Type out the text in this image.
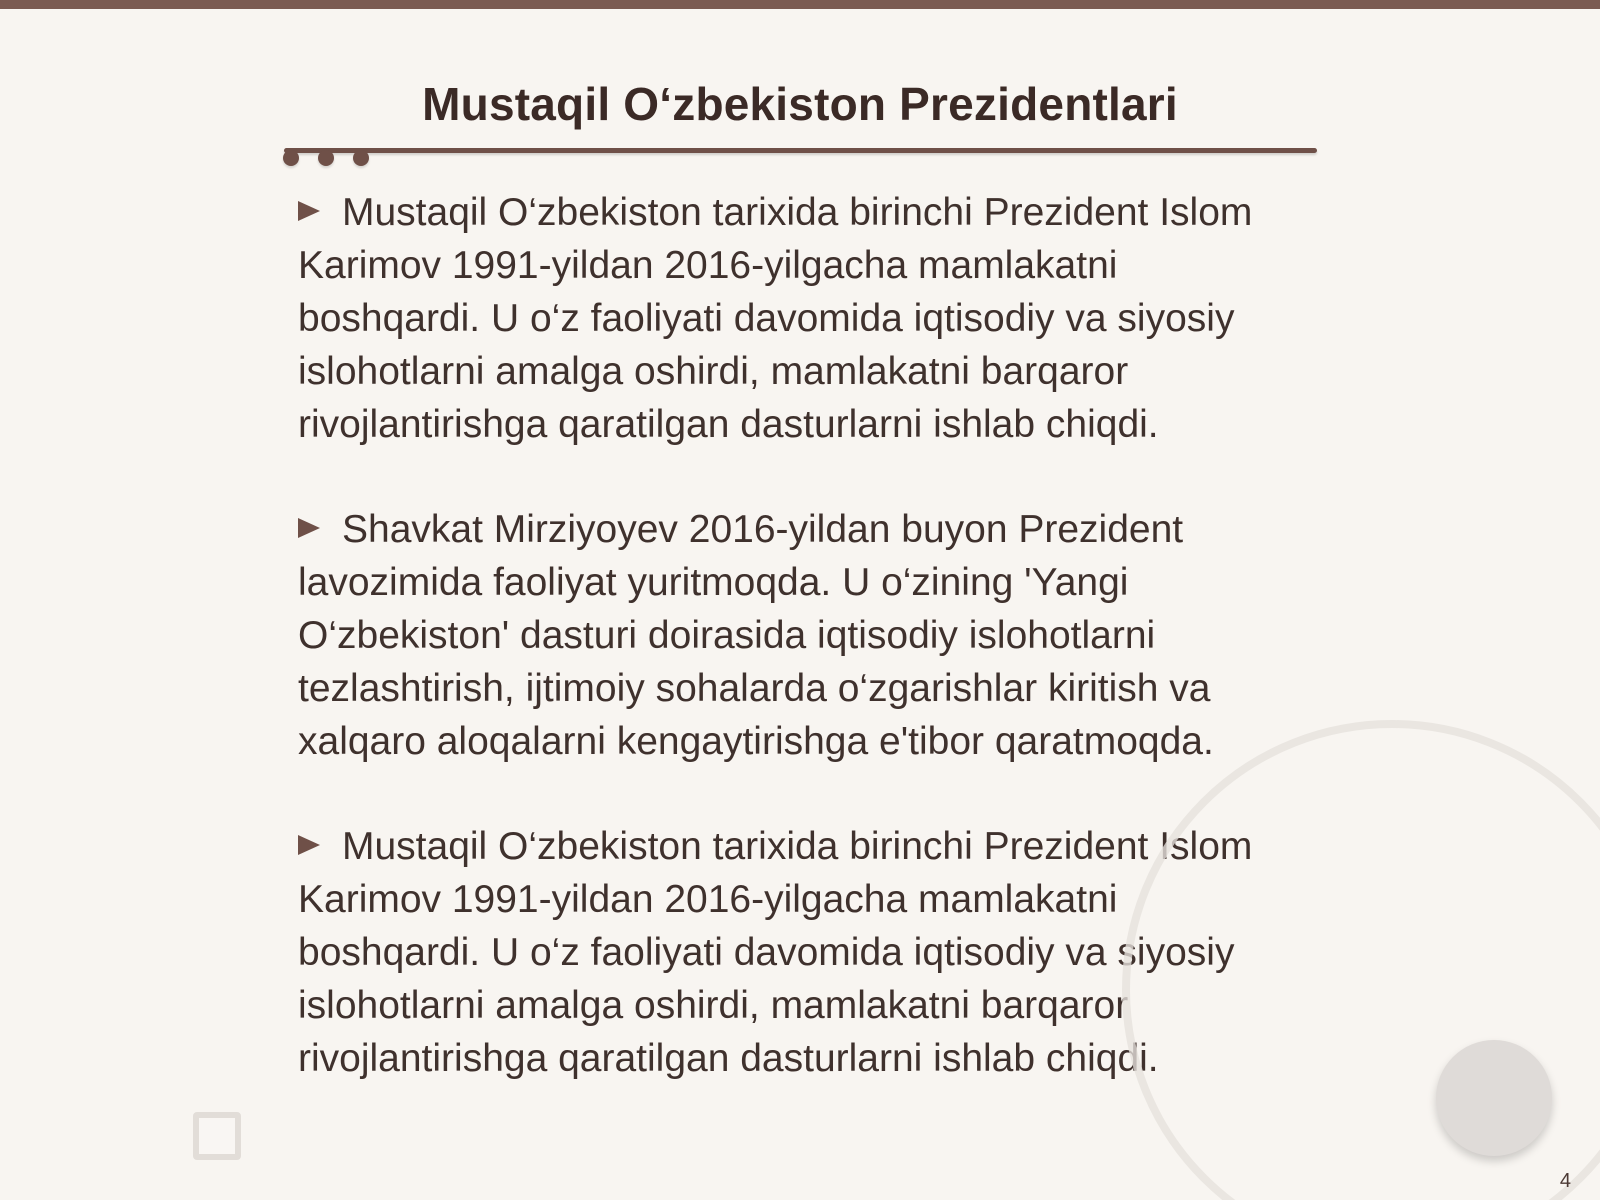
Mustaqil O‘zbekiston Prezidentlari

Mustaqil O‘zbekiston tarixida birinchi Prezident Islom Karimov 1991-yildan 2016-yilgacha mamlakatni boshqardi. U o‘z faoliyati davomida iqtisodiy va siyosiy islohotlarni amalga oshirdi, mamlakatni barqaror rivojlantirishga qaratilgan dasturlarni ishlab chiqdi.

Shavkat Mirziyoyev 2016-yildan buyon Prezident lavozimida faoliyat yuritmoqda. U o‘zining 'Yangi O‘zbekiston' dasturi doirasida iqtisodiy islohotlarni tezlashtirish, ijtimoiy sohalarda o‘zgarishlar kiritish va xalqaro aloqalarni kengaytirishga e'tibor qaratmoqda.

Mustaqil O‘zbekiston tarixida birinchi Prezident Islom Karimov 1991-yildan 2016-yilgacha mamlakatni boshqardi. U o‘z faoliyati davomida iqtisodiy va siyosiy islohotlarni amalga oshirdi, mamlakatni barqaror rivojlantirishga qaratilgan dasturlarni ishlab chiqdi.

4
